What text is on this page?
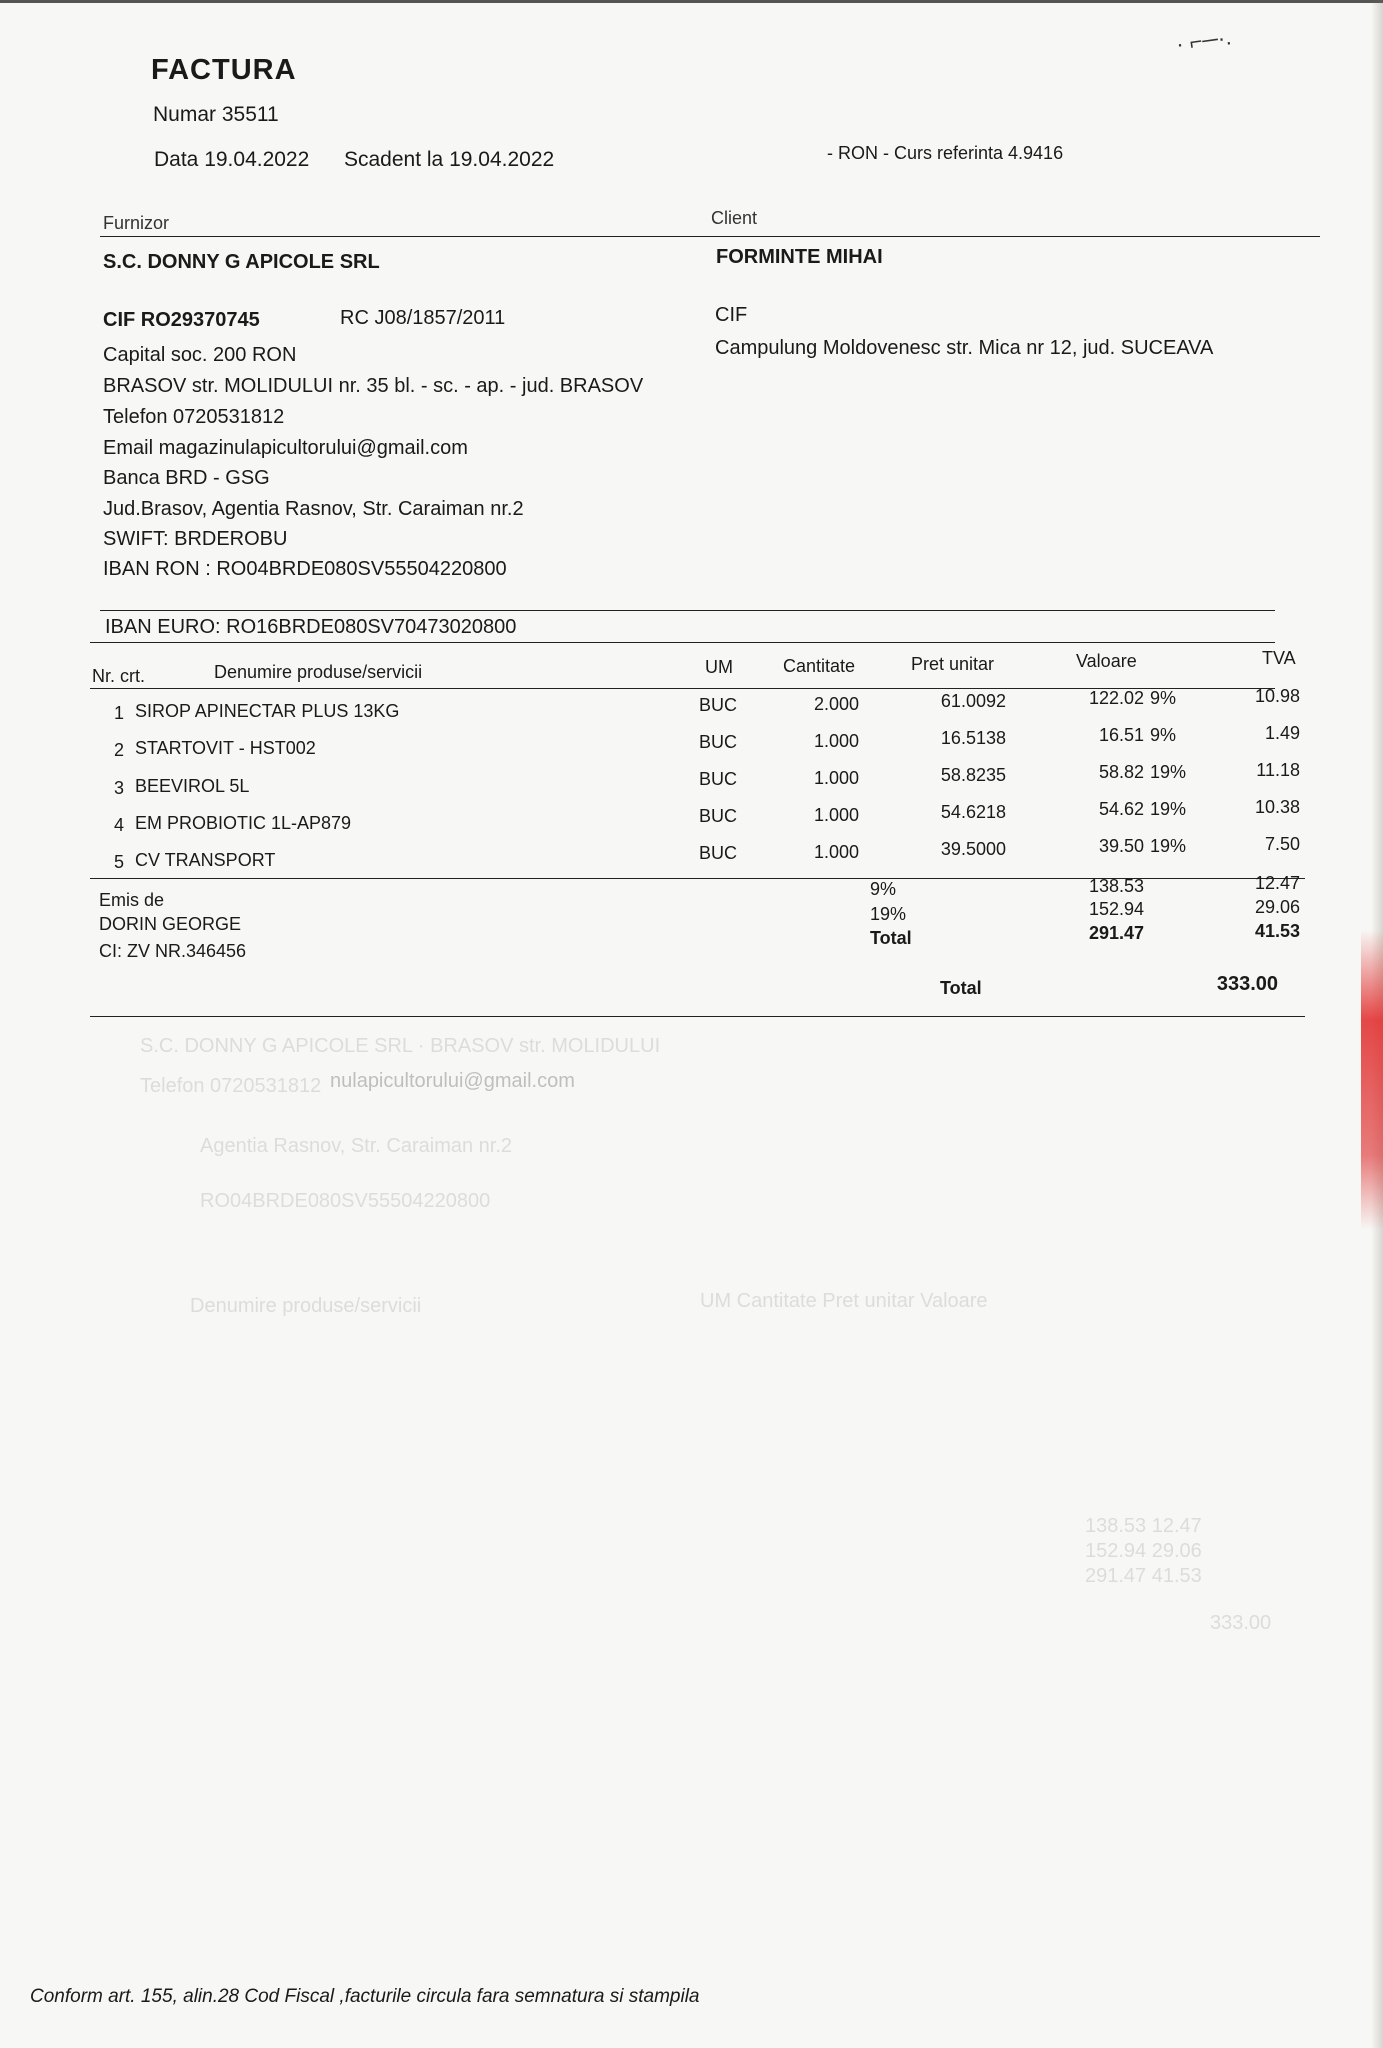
· ⌐─·.
FACTURA
Numar 35511
Data 19.04.2022 Scadent la 19.04.2022	- RON - Curs referinta 4.9416
Furnizor	Client
S.C. DONNY G APICOLE SRL
CIF RO29370745	RC J08/1857/2011
Capital soc. 200 RON
BRASOV str. MOLIDULUI nr. 35 bl. - sc. - ap. - jud. BRASOV
Telefon 0720531812
Email magazinulapicultorului@gmail.com
Banca BRD - GSG
Jud.Brasov, Agentia Rasnov, Str. Caraiman nr.2
SWIFT: BRDEROBU
IBAN RON : RO04BRDE080SV55504220800
IBAN EURO: RO16BRDE080SV70473020800
FORMINTE MIHAI
CIF
Campulung Moldovenesc str. Mica nr 12, jud. SUCEAVA
Nr. crt.	Denumire produse/servicii	UM	Cantitate	Pret unitar	Valoare	TVA
1 SIROP APINECTAR PLUS 13KG	BUC	2.000	61.0092	122.02 9%	10.98
2 STARTOVIT - HST002	BUC	1.000	16.5138	16.51 9%	1.49
3 BEEVIROL 5L	BUC	1.000	58.8235	58.82 19%	11.18
4 EM PROBIOTIC 1L-AP879	BUC	1.000	54.6218	54.62 19%	10.38
5 CV TRANSPORT	BUC	1.000	39.5000	39.50 19%	7.50
Emis de
DORIN GEORGE
CI: ZV NR.346456
9%	138.53	12.47
19%	152.94	29.06
Total	291.47	41.53
Total	333.00
S.C. DONNY G APICOLE SRL · BRASOV str. MOLIDULUI
Telefon 0720531812 nulapicultorului@gmail.com
Agentia Rasnov, Str. Caraiman nr.2
RO04BRDE080SV55504220800
Denumire produse/servicii	UM Cantitate Pret unitar Valoare
138.53 12.47
152.94 29.06
291.47 41.53
333.00
Conform art. 155, alin.28 Cod Fiscal ,facturile circula fara semnatura si stampila
